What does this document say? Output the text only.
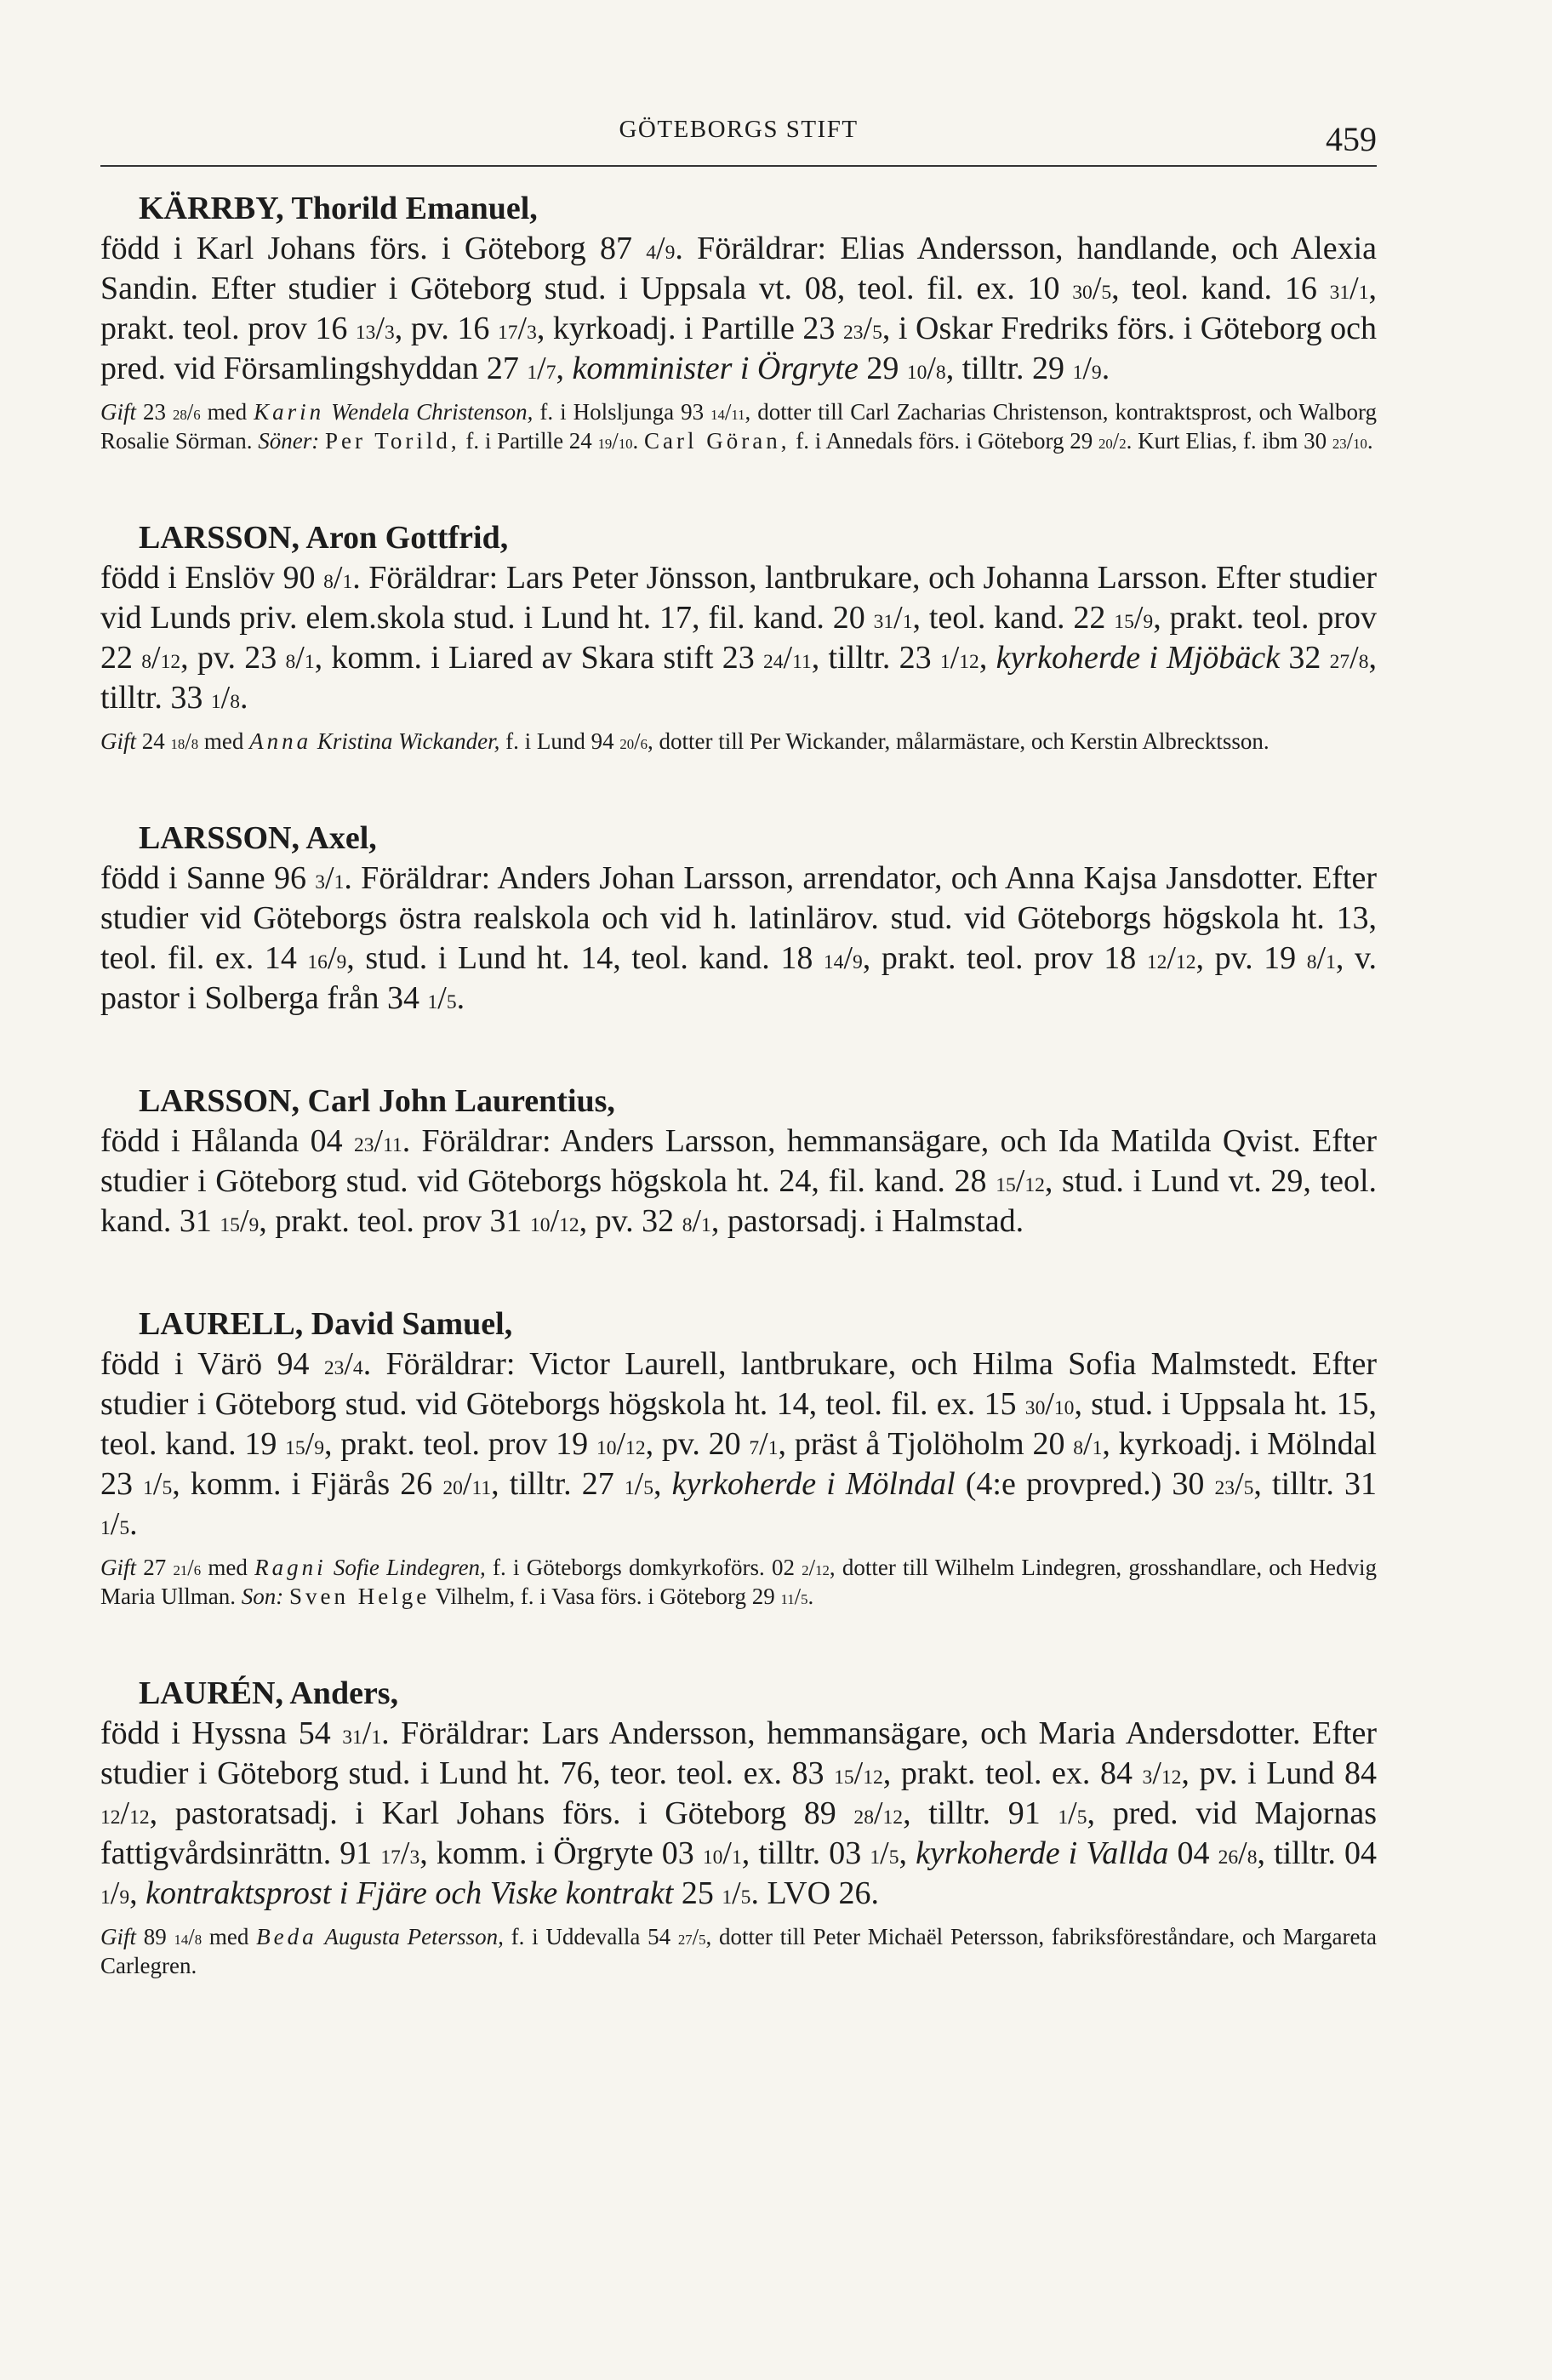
GÖTEBORGS STIFT	459

KÄRRBY, Thorild Emanuel,
född i Karl Johans förs. i Göteborg 87 $^4/_9$. Föräldrar: Elias Andersson, handlande, och Alexia Sandin. Efter studier i Göteborg stud. i Uppsala vt. 08, teol. fil. ex. 10 $^{30}/_5$, teol. kand. 16 $^{31}/_1$, prakt. teol. prov 16 $^{13}/_3$, pv. 16 $^{17}/_3$, kyrkoadj. i Partille 23 $^{23}/_5$, i Oskar Fredriks förs. i Göteborg och pred. vid Församlingshyddan 27 $^1/_7$, komminister i Örgryte 29 $^{10}/_8$, tilltr. 29 $^1/_9$.

Gift 23 $^{28}/_6$ med Karin Wendela Christenson, f. i Holsljunga 93 $^{14}/_{11}$, dotter till Carl Zacharias Christenson, kontraktsprost, och Walborg Rosalie Sörman. Söner: Per Torild, f. i Partille 24 $^{19}/_{10}$. Carl Göran, f. i Annedals förs. i Göteborg 29 $^{20}/_2$. Kurt Elias, f. ibm 30 $^{23}/_{10}$.

LARSSON, Aron Gottfrid,
född i Enslöv 90 $^8/_1$. Föräldrar: Lars Peter Jönsson, lantbrukare, och Johanna Larsson. Efter studier vid Lunds priv. elem.skola stud. i Lund ht. 17, fil. kand. 20 $^{31}/_1$, teol. kand. 22 $^{15}/_9$, prakt. teol. prov 22 $^8/_{12}$, pv. 23 $^8/_1$, komm. i Liared av Skara stift 23 $^{24}/_{11}$, tilltr. 23 $^1/_{12}$, kyrkoherde i Mjöbäck 32 $^{27}/_8$, tilltr. 33 $^1/_8$.

Gift 24 $^{18}/_8$ med Anna Kristina Wickander, f. i Lund 94 $^{20}/_6$, dotter till Per Wickander, målarmästare, och Kerstin Albrecktsson.

LARSSON, Axel,
född i Sanne 96 $^3/_1$. Föräldrar: Anders Johan Larsson, arrendator, och Anna Kajsa Jansdotter. Efter studier vid Göteborgs östra realskola och vid h. latinlärov. stud. vid Göteborgs högskola ht. 13, teol. fil. ex. 14 $^{16}/_9$, stud. i Lund ht. 14, teol. kand. 18 $^{14}/_9$, prakt. teol. prov 18 $^{12}/_{12}$, pv. 19 $^8/_1$, v. pastor i Solberga från 34 $^1/_5$.

LARSSON, Carl John Laurentius,
född i Hålanda 04 $^{23}/_{11}$. Föräldrar: Anders Larsson, hemmansägare, och Ida Matilda Qvist. Efter studier i Göteborg stud. vid Göteborgs högskola ht. 24, fil. kand. 28 $^{15}/_{12}$, stud. i Lund vt. 29, teol. kand. 31 $^{15}/_9$, prakt. teol. prov 31 $^{10}/_{12}$, pv. 32 $^8/_1$, pastorsadj. i Halmstad.

LAURELL, David Samuel,
född i Värö 94 $^{23}/_4$. Föräldrar: Victor Laurell, lantbrukare, och Hilma Sofia Malmstedt. Efter studier i Göteborg stud. vid Göteborgs högskola ht. 14, teol. fil. ex. 15 $^{30}/_{10}$, stud. i Uppsala ht. 15, teol. kand. 19 $^{15}/_9$, prakt. teol. prov 19 $^{10}/_{12}$, pv. 20 $^7/_1$, präst å Tjolöholm 20 $^8/_1$, kyrkoadj. i Mölndal 23 $^1/_5$, komm. i Fjärås 26 $^{20}/_{11}$, tilltr. 27 $^1/_5$, kyrkoherde i Mölndal (4:e provpred.) 30 $^{23}/_5$, tilltr. 31 $^1/_5$.

Gift 27 $^{21}/_6$ med Ragni Sofie Lindegren, f. i Göteborgs domkyrkoförs. 02 $^2/_{12}$, dotter till Wilhelm Lindegren, grosshandlare, och Hedvig Maria Ullman. Son: Sven Helge Vilhelm, f. i Vasa förs. i Göteborg 29 $^{11}/_5$.

LAURÉN, Anders,
född i Hyssna 54 $^{31}/_1$. Föräldrar: Lars Andersson, hemmansägare, och Maria Andersdotter. Efter studier i Göteborg stud. i Lund ht. 76, teor. teol. ex. 83 $^{15}/_{12}$, prakt. teol. ex. 84 $^3/_{12}$, pv. i Lund 84 $^{12}/_{12}$, pastoratsadj. i Karl Johans förs. i Göteborg 89 $^{28}/_{12}$, tilltr. 91 $^1/_5$, pred. vid Majornas fattigvårdsinrättn. 91 $^{17}/_3$, komm. i Örgryte 03 $^{10}/_1$, tilltr. 03 $^1/_5$, kyrkoherde i Vallda 04 $^{26}/_8$, tilltr. 04 $^1/_9$, kontraktsprost i Fjäre och Viske kontrakt 25 $^1/_5$. LVO 26.

Gift 89 $^{14}/_8$ med Beda Augusta Petersson, f. i Uddevalla 54 $^{27}/_5$, dotter till Peter Michaël Petersson, fabriksföreståndare, och Margareta Carlegren.
